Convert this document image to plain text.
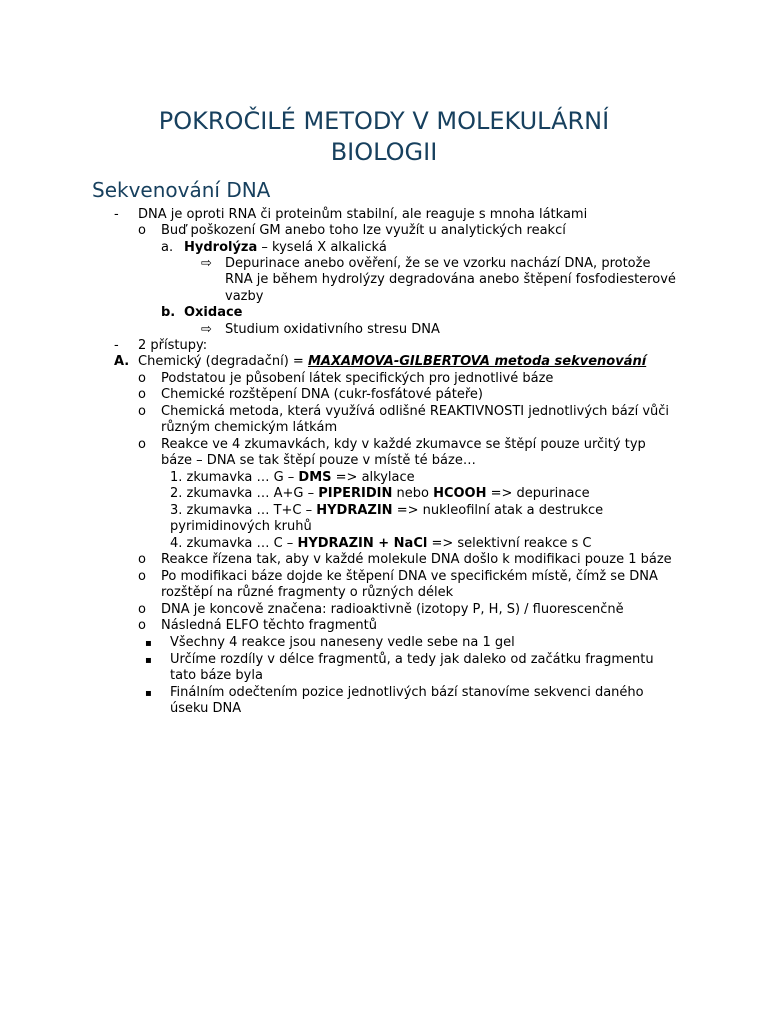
POKROČILÉ METODY V MOLEKULÁRNÍ
BIOLOGII
Sekvenování DNA
- DNA je oproti RNA či proteinům stabilní, ale reaguje s mnoha látkami
o Buď poškození GM anebo toho lze využít u analytických reakcí
a. Hydrolýza – kyselá X alkalická
⇨ Depurinace anebo ověření, že se ve vzorku nachází DNA, protože
RNA je během hydrolýzy degradována anebo štěpení fosfodiesterové
vazby
b. Oxidace
⇨ Studium oxidativního stresu DNA
- 2 přístupy:
A. Chemický (degradační) = MAXAMOVA-GILBERTOVA metoda sekvenování
o Podstatou je působení látek specifických pro jednotlivé báze
o Chemické rozštěpení DNA (cukr-fosfátové páteře)
o Chemická metoda, která využívá odlišné REAKTIVNOSTI jednotlivých bází vůči
různým chemickým látkám
o Reakce ve 4 zkumavkách, kdy v každé zkumavce se štěpí pouze určitý typ
báze – DNA se tak štěpí pouze v místě té báze…
1. zkumavka … G – DMS => alkylace
2. zkumavka … A+G – PIPERIDIN nebo HCOOH => depurinace
3. zkumavka … T+C – HYDRAZIN => nukleofilní atak a destrukce
pyrimidinových kruhů
4. zkumavka … C – HYDRAZIN + NaCl => selektivní reakce s C
o Reakce řízena tak, aby v každé molekule DNA došlo k modifikaci pouze 1 báze
o Po modifikaci báze dojde ke štěpení DNA ve specifickém místě, čímž se DNA
rozštěpí na různé fragmenty o různých délek
o DNA je koncově značena: radioaktivně (izotopy P, H, S) / fluorescenčně
o Následná ELFO těchto fragmentů
▪ Všechny 4 reakce jsou naneseny vedle sebe na 1 gel
▪ Určíme rozdíly v délce fragmentů, a tedy jak daleko od začátku fragmentu
tato báze byla
▪ Finálním odečtením pozice jednotlivých bází stanovíme sekvenci daného
úseku DNA
